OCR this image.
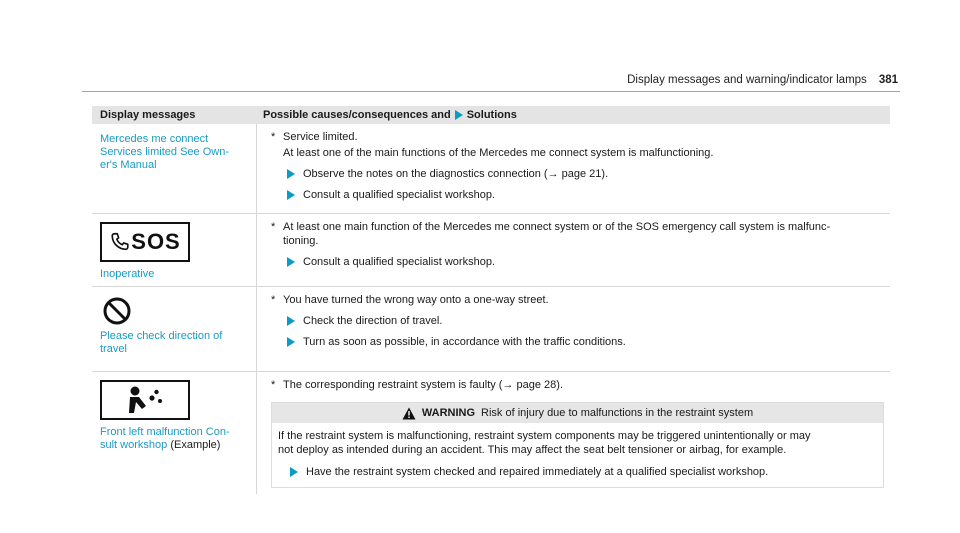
Display messages and warning/indicator lamps 381
Display messages	Possible causes/consequences and Solutions
Mercedes me connect
Services limited See Own-
er's Manual
* Service limited.
At least one of the main functions of the Mercedes me connect system is malfunctioning.
Observe the notes on the diagnostics connection (→ page 21).
Consult a qualified specialist workshop.
SOS
Inoperative
* At least one main function of the Mercedes me connect system or of the SOS emergency call system is malfunc-
tioning.
Consult a qualified specialist workshop.
Please check direction of
travel
* You have turned the wrong way onto a one-way street.
Check the direction of travel.
Turn as soon as possible, in accordance with the traffic conditions.
Front left malfunction Con-
sult workshop (Example)
* The corresponding restraint system is faulty (→ page 28).
WARNING Risk of injury due to malfunctions in the restraint system
If the restraint system is malfunctioning, restraint system components may be triggered unintentionally or may
not deploy as intended during an accident. This may affect the seat belt tensioner or airbag, for example.
Have the restraint system checked and repaired immediately at a qualified specialist workshop.
